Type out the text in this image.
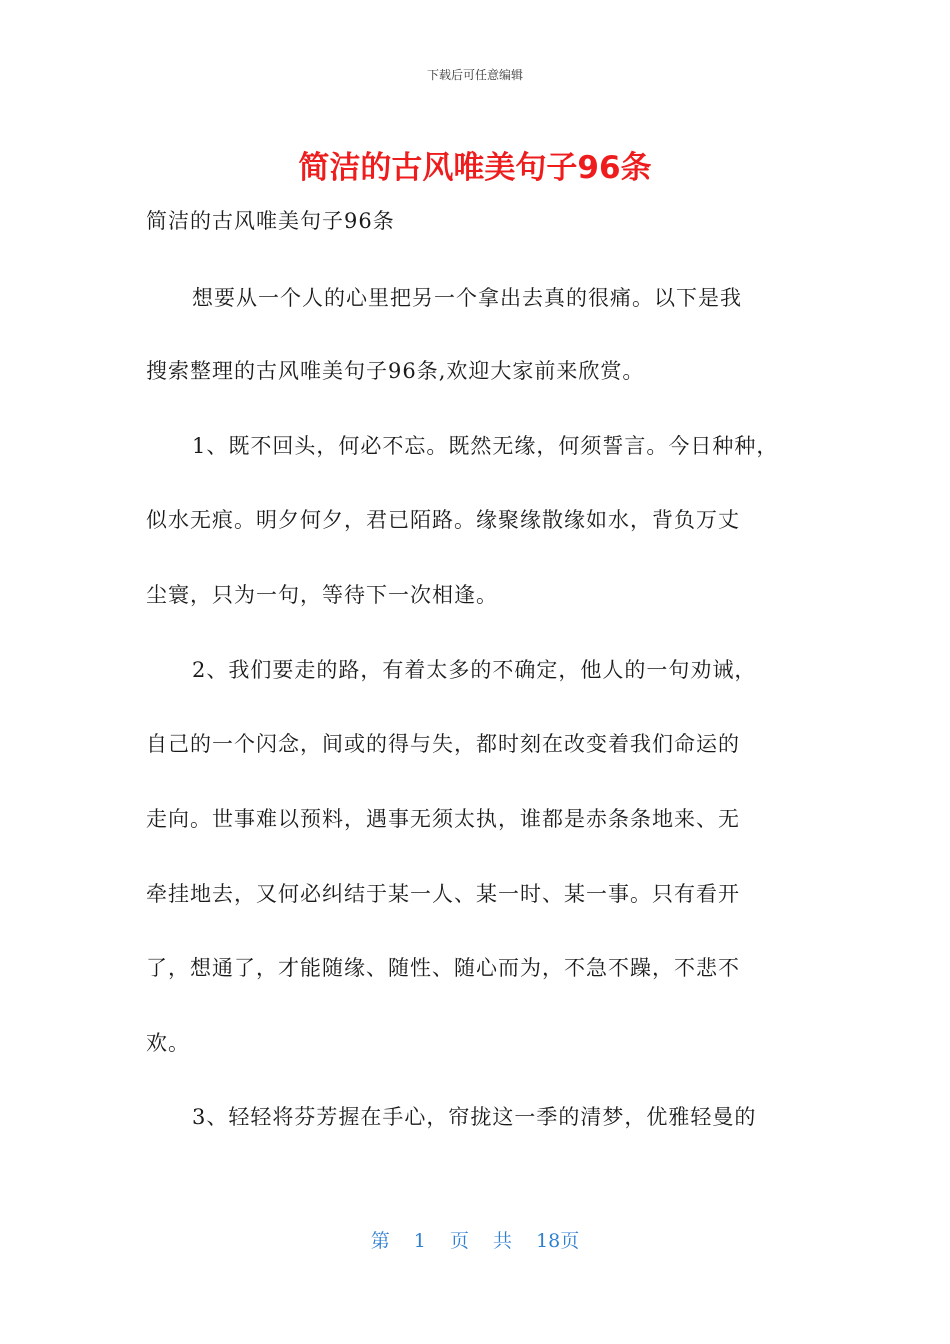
下载后可任意编辑
简洁的古风唯美句子96条
简洁的古风唯美句子96条
想要从一个人的心里把另一个拿出去真的很痛。以下是我
搜索整理的古风唯美句子96条,欢迎大家前来欣赏。
1、既不回头，何必不忘。既然无缘，何须誓言。今日种种，
似水无痕。明夕何夕，君已陌路。缘聚缘散缘如水，背负万丈
尘寰，只为一句，等待下一次相逢。
2、我们要走的路，有着太多的不确定，他人的一句劝诫，
自己的一个闪念，间或的得与失，都时刻在改变着我们命运的
走向。世事难以预料，遇事无须太执，谁都是赤条条地来、无
牵挂地去，又何必纠结于某一人、某一时、某一事。只有看开
了，想通了，才能随缘、随性、随心而为，不急不躁，不悲不
欢。
3、轻轻将芬芳握在手心，帘拢这一季的清梦，优雅轻曼的
第 1 页 共 18页
